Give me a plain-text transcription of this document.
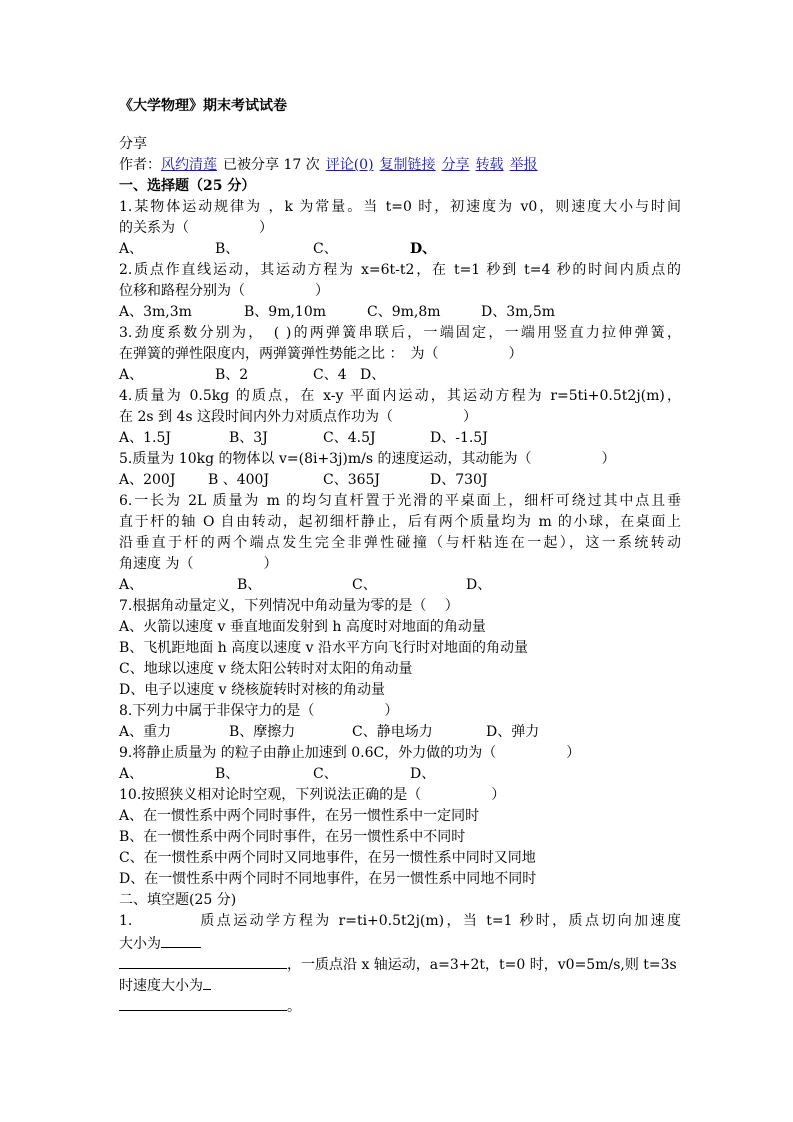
《大学物理》期末考试试卷
分享
作者：风约清莲 已被分享 17 次 评论(0) 复制链接 分享 转载 举报
一、选择题（25 分）
1.某物体运动规律为 ，k 为常量。当 t=0 时，初速度为 v0，则速度大小与时间
的关系为（　　　　　）
A、	B、	C、	D、
2.质点作直线运动，其运动方程为 x=6t-t2，在 t=1 秒到 t=4 秒的时间内质点的
位移和路程分别为（　　　　　）
A、3m,3m	B、9m,10m	C、9m,8m	D、3m,5m
3.劲度系数分别为，　( )的两弹簧串联后，一端固定，一端用竖直力拉伸弹簧，
在弹簧的弹性限度内，两弹簧弹性势能之比 ：　为（　　　　　）
A、	B、2	C、4 D、
4.质量为 0.5kg 的质点，在 x-y 平面内运动，其运动方程为 r=5ti+0.5t2j(m)，
在 2s 到 4s 这段时间内外力对质点作功为（　　　　　）
A、1.5J	B、3J	C、4.5J	D、-1.5J
5.质量为 10kg 的物体以 v=(8i+3j)m/s 的速度运动，其动能为（　　　　　）
A、200J B 、400J	C、365J	D、730J
6.一长为 2L 质量为 m 的均匀直杆置于光滑的平桌面上，细杆可绕过其中点且垂
直于杆的轴 O 自由转动，起初细杆静止，后有两个质量均为 m 的小球，在桌面上
沿垂直于杆的两个端点发生完全非弹性碰撞（与杆粘连在一起），这一系统转动
角速度 为（　　　　　）
A、	B、	C、	D、
7.根据角动量定义，下列情况中角动量为零的是（　 ）
A、火箭以速度 v 垂直地面发射到 h 高度时对地面的角动量
B、飞机距地面 h 高度以速度 v 沿水平方向飞行时对地面的角动量
C、地球以速度 v 绕太阳公转时对太阳的角动量
D、电子以速度 v 绕核旋转时对核的角动量
8.下列力中属于非保守力的是（　　　　　）
A、重力	B、摩擦力	C、静电场力	D、弹力
9.将静止质量为 的粒子由静止加速到 0.6C，外力做的功为（　　　　　）
A、	B、	C、	D、
10.按照狭义相对论时空观，下列说法正确的是（　　　　　）
A、在一惯性系中两个同时事件，在另一惯性系中一定同时
B、在一惯性系中两个同时事件，在另一惯性系中不同时
C、在一惯性系中两个同时又同地事件，在另一惯性系中同时又同地
D、在一惯性系中两个同时不同地事件，在另一惯性系中同地不同时
二、填空题(25 分)
1.　　　　质点运动学方程为 r=ti+0.5t2j(m)，当 t=1 秒时，质点切向加速度
大小为
，一质点沿 x 轴运动，a=3+2t，t=0 时，v0=5m/s,则 t=3s
时速度大小为
。
